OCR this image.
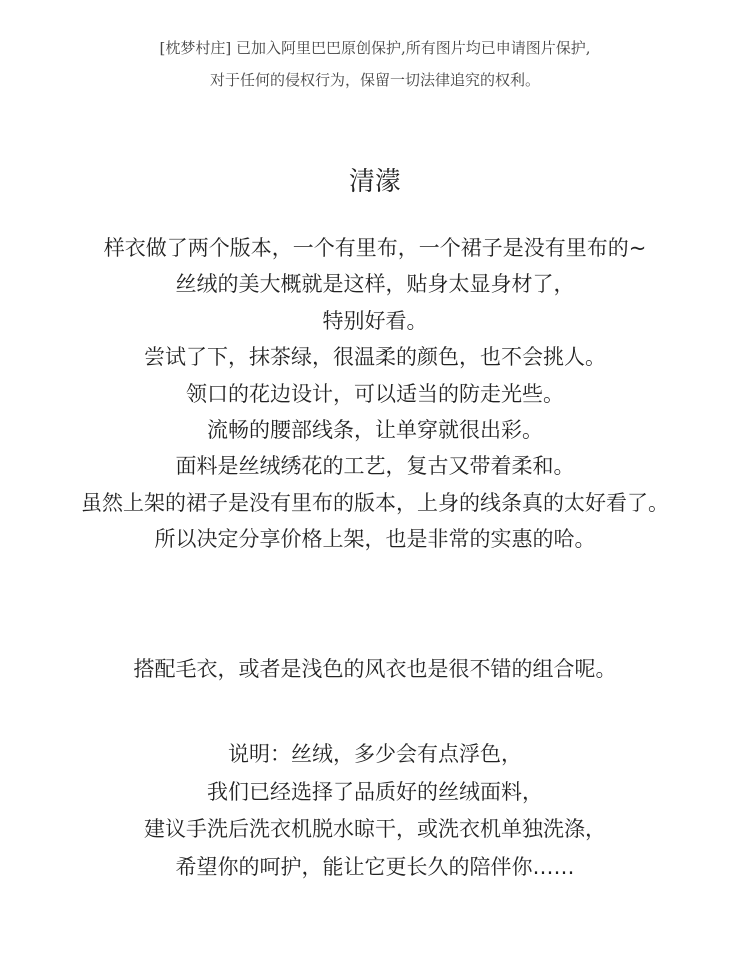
[枕梦村庄] 已加入阿里巴巴原创保护,所有图片均已申请图片保护,
对于任何的侵权行为，保留一切法律追究的权利。
清濛
样衣做了两个版本，一个有里布，一个裙子是没有里布的~
丝绒的美大概就是这样，贴身太显身材了，
特别好看。
尝试了下，抹茶绿，很温柔的颜色，也不会挑人。
领口的花边设计，可以适当的防走光些。
流畅的腰部线条，让单穿就很出彩。
面料是丝绒绣花的工艺，复古又带着柔和。
虽然上架的裙子是没有里布的版本，上身的线条真的太好看了。
所以决定分享价格上架，也是非常的实惠的哈。
搭配毛衣，或者是浅色的风衣也是很不错的组合呢。
说明：丝绒，多少会有点浮色，
我们已经选择了品质好的丝绒面料，
建议手洗后洗衣机脱水晾干，或洗衣机单独洗涤，
希望你的呵护，能让它更长久的陪伴你……
